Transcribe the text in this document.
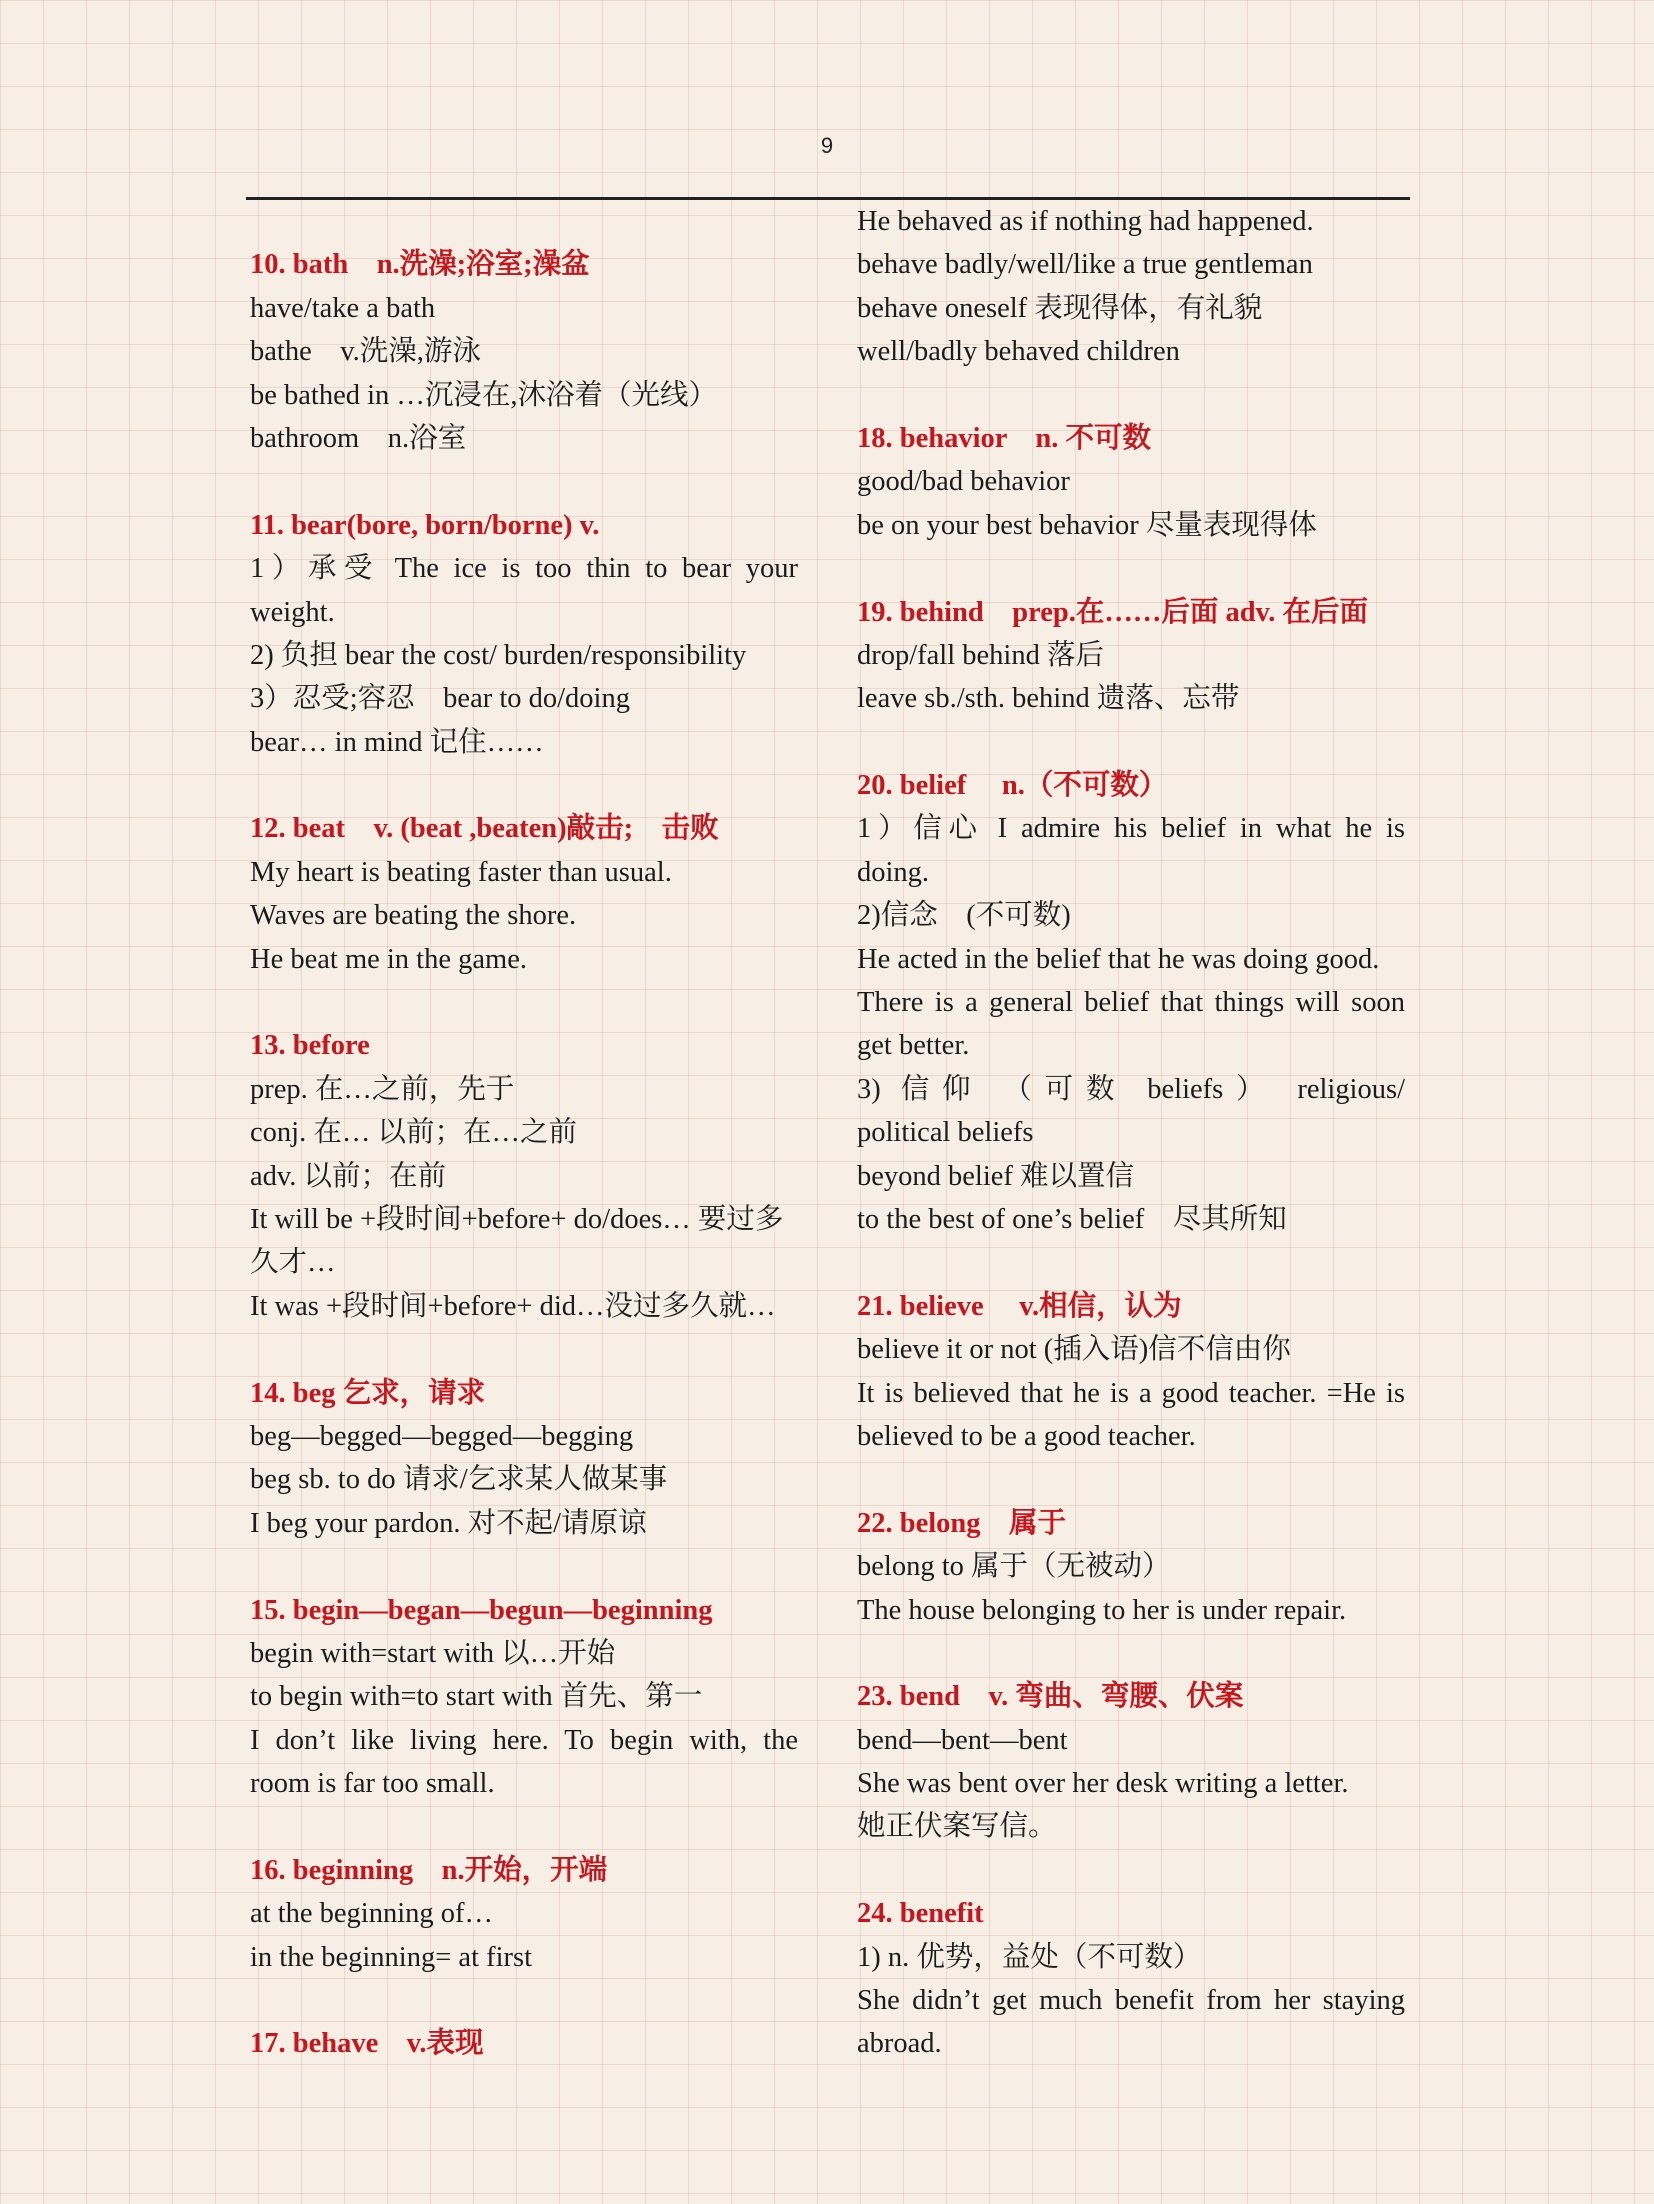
9
10. bath　n.洗澡;浴室;澡盆
have/take a bath
bathe　v.洗澡,游泳
be bathed in …沉浸在,沐浴着（光线）
bathroom　n.浴室
11. bear(bore, born/borne) v.
1）承受 The ice is too thin to bear your
weight.
2) 负担 bear the cost/ burden/responsibility
3）忍受;容忍　bear to do/doing
bear… in mind 记住……
12. beat　v. (beat ,beaten)敲击;　击败
My heart is beating faster than usual.
Waves are beating the shore.
He beat me in the game.
13. before
prep. 在…之前，先于
conj. 在… 以前；在…之前
adv. 以前；在前
It will be +段时间+before+ do/does… 要过多
久才…
It was +段时间+before+ did…没过多久就…
14. beg 乞求，请求
beg—begged—begged—begging
beg sb. to do 请求/乞求某人做某事
I beg your pardon. 对不起/请原谅
15. begin—began—begun—beginning
begin with=start with 以…开始
to begin with=to start with 首先、第一
I don’t like living here. To begin with, the
room is far too small.
16. beginning　n.开始，开端
at the beginning of…
in the beginning= at first
17. behave　v.表现
He behaved as if nothing had happened.
behave badly/well/like a true gentleman
behave oneself 表现得体，有礼貌
well/badly behaved children
18. behavior　n. 不可数
good/bad behavior
be on your best behavior 尽量表现得体
19. behind　prep.在……后面 adv. 在后面
drop/fall behind 落后
leave sb./sth. behind 遗落、忘带
20. belief　 n.（不可数）
1）信心 I admire his belief in what he is
doing.
2)信念　(不可数)
He acted in the belief that he was doing good.
There is a general belief that things will soon
get better.
3) 信仰 （可数 beliefs） religious/
political beliefs
beyond belief 难以置信
to the best of one’s belief　尽其所知
21. believe　 v.相信，认为
believe it or not (插入语)信不信由你
It is believed that he is a good teacher. =He is
believed to be a good teacher.
22. belong　属于
belong to 属于（无被动）
The house belonging to her is under repair.
23. bend　v. 弯曲、弯腰、伏案
bend—bent—bent
She was bent over her desk writing a letter.
她正伏案写信。
24. benefit
1) n. 优势，益处（不可数）
She didn’t get much benefit from her staying
abroad.
